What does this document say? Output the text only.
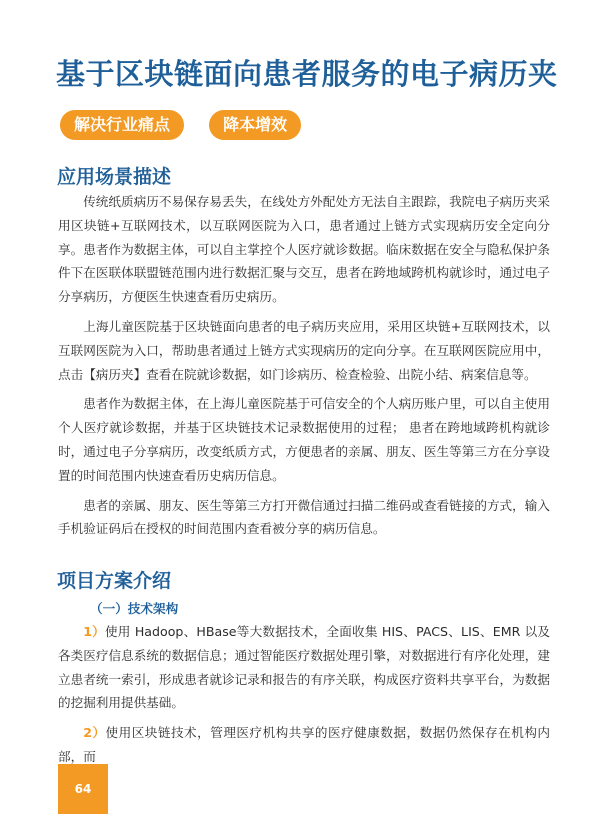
基于区块链面向患者服务的电子病历夹
解决行业痛点	降本增效
应用场景描述

传统纸质病历不易保存易丢失，在线处方外配处方无法自主跟踪，我院电子病历夹采用区块链+互联网技术，以互联网医院为入口，患者通过上链方式实现病历安全定向分享。患者作为数据主体，可以自主掌控个人医疗就诊数据。临床数据在安全与隐私保护条件下在医联体联盟链范围内进行数据汇聚与交互，患者在跨地域跨机构就诊时，通过电子分享病历，方便医生快速查看历史病历。

上海儿童医院基于区块链面向患者的电子病历夹应用，采用区块链+互联网技术，以互联网医院为入口，帮助患者通过上链方式实现病历的定向分享。在互联网医院应用中，点击【病历夹】查看在院就诊数据，如门诊病历、检查检验、出院小结、病案信息等。

患者作为数据主体，在上海儿童医院基于可信安全的个人病历账户里，可以自主使用个人医疗就诊数据，并基于区块链技术记录数据使用的过程； 患者在跨地域跨机构就诊时，通过电子分享病历，改变纸质方式，方便患者的亲属、朋友、医生等第三方在分享设置的时间范围内快速查看历史病历信息。

患者的亲属、朋友、医生等第三方打开微信通过扫描二维码或查看链接的方式，输入手机验证码后在授权的时间范围内查看被分享的病历信息。

项目方案介绍
（一）技术架构

1）使用 Hadoop、HBase等大数据技术，全面收集 HIS、PACS、LIS、EMR 以及各类医疗信息系统的数据信息；通过智能医疗数据处理引擎，对数据进行有序化处理，建立患者统一索引，形成患者就诊记录和报告的有序关联，构成医疗资料共享平台，为数据的挖掘利用提供基础。

2）使用区块链技术，管理医疗机构共享的医疗健康数据，数据仍然保存在机构内部，而

64
